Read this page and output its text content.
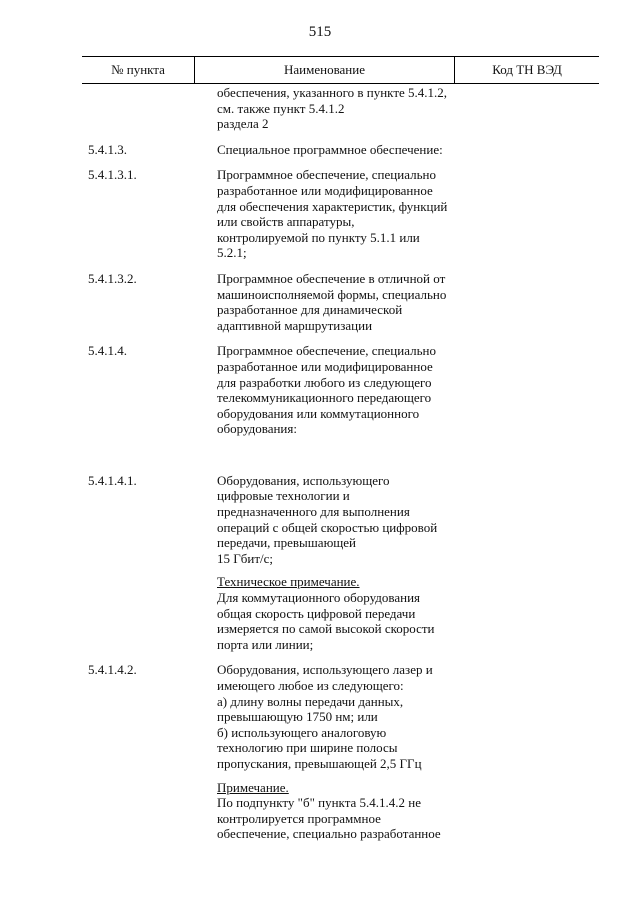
515
№ пункта	Наименование	Код ТН ВЭД

обеспечения, указанного в пункте 5.4.1.2,

см. также пункт 5.4.1.2

раздела 2

5.4.1.3.	Специальное программное обеспечение:

5.4.1.3.1.	Программное обеспечение, специально

разработанное или модифицированное

для обеспечения характеристик, функций

или свойств аппаратуры,

контролируемой по пункту 5.1.1 или

5.2.1;

5.4.1.3.2.	Программное обеспечение в отличной от

машиноисполняемой формы, специально

разработанное для динамической

адаптивной маршрутизации

5.4.1.4.	Программное обеспечение, специально

разработанное или модифицированное

для разработки любого из следующего

телекоммуникационного передающего

оборудования или коммутационного

оборудования:

5.4.1.4.1.	Оборудования, использующего

цифровые технологии и

предназначенного для выполнения

операций с общей скоростью цифровой

передачи, превышающей

15 Гбит/с;

Техническое примечание.

Для коммутационного оборудования

общая скорость цифровой передачи

измеряется по самой высокой скорости

порта или линии;

5.4.1.4.2.	Оборудования, использующего лазер и

имеющего любое из следующего:

а) длину волны передачи данных,

превышающую 1750 нм; или

б) использующего аналоговую

технологию при ширине полосы

пропускания, превышающей 2,5 ГГц

Примечание.

По подпункту "б" пункта 5.4.1.4.2 не

контролируется программное

обеспечение, специально разработанное
